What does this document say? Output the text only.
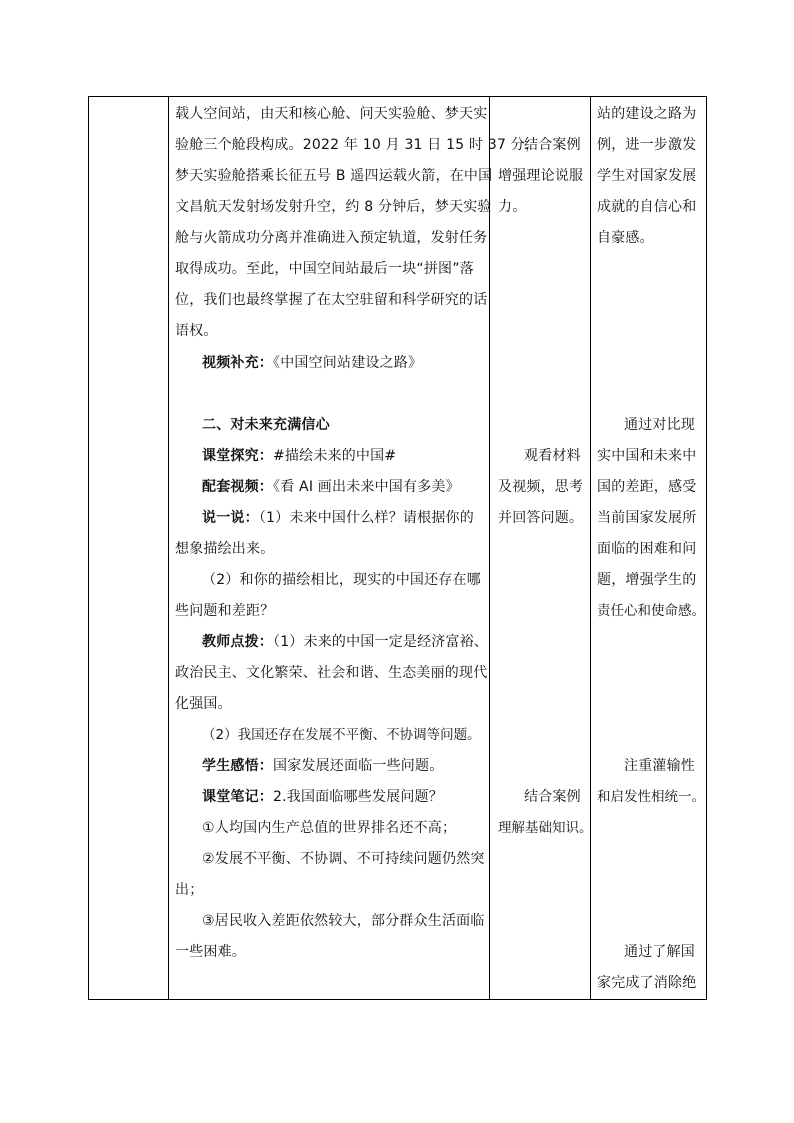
载人空间站，由天和核心舱、问天实验舱、梦天实

验舱三个舱段构成。2022 年 10 月 31 日 15 时 37 分，

梦天实验舱搭乘长征五号 B 遥四运载火箭，在中国

文昌航天发射场发射升空，约 8 分钟后，梦天实验

舱与火箭成功分离并准确进入预定轨道，发射任务

取得成功。至此，中国空间站最后一块“拼图”落

位，我们也最终掌握了在太空驻留和科学研究的话

语权。

视频补充：《中国空间站建设之路》

二、对未来充满信心

课堂探究：#描绘未来的中国#

配套视频：《看 AI 画出未来中国有多美》

说一说：（1）未来中国什么样？请根据你的

想象描绘出来。

（2）和你的描绘相比，现实的中国还存在哪

些问题和差距？

教师点拨：（1）未来的中国一定是经济富裕、

政治民主、文化繁荣、社会和谐、生态美丽的现代

化强国。

（2）我国还存在发展不平衡、不协调等问题。

学生感悟：国家发展还面临一些问题。

课堂笔记：2.我国面临哪些发展问题？

①人均国内生产总值的世界排名还不高；

②发展不平衡、不协调、不可持续问题仍然突

出；

③居民收入差距依然较大，部分群众生活面临

一些困难。

结合案例

增强理论说服

力。

观看材料

及视频，思考

并回答问题。

结合案例

理解基础知识。

站的建设之路为

例，进一步激发

学生对国家发展

成就的自信心和

自豪感。

通过对比现

实中国和未来中

国的差距，感受

当前国家发展所

面临的困难和问

题，增强学生的

责任心和使命感。

注重灌输性

和启发性相统一。

通过了解国

家完成了消除绝
